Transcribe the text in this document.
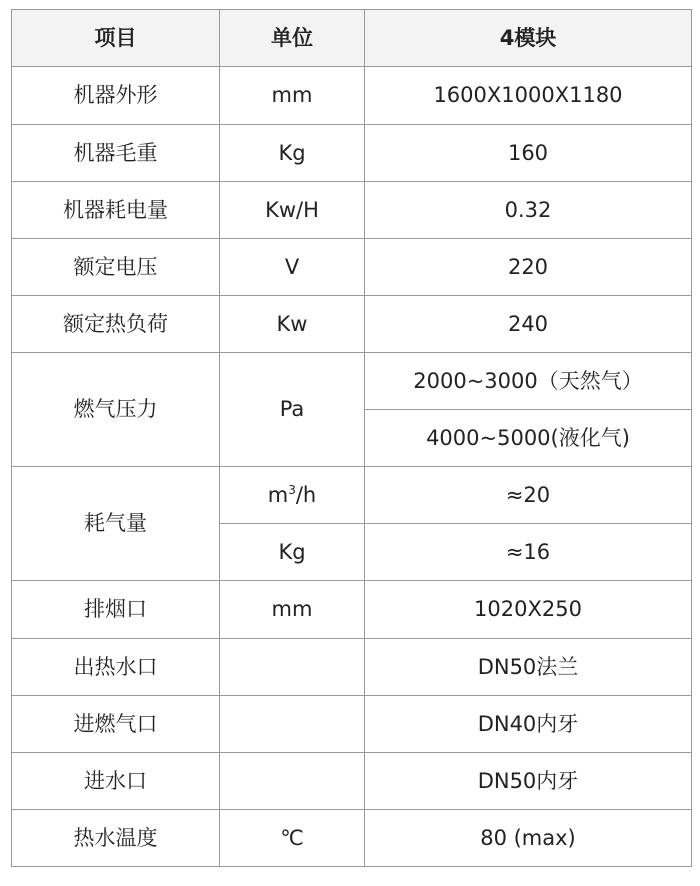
项目	单位	4模块
机器外形	mm	1600X1000X1180
机器毛重	Kg	160
机器耗电量	Kw/H	0.32
额定电压	V	220
额定热负荷	Kw	240
燃气压力	Pa	2000~3000（天然气）
		4000~5000(液化气)
耗气量	$m^3/h$	≈20
	Kg	≈16
排烟口	mm	1020X250
出热水口		DN50法兰
进燃气口		DN40内牙
进水口		DN50内牙
热水温度	℃	80 (max)
